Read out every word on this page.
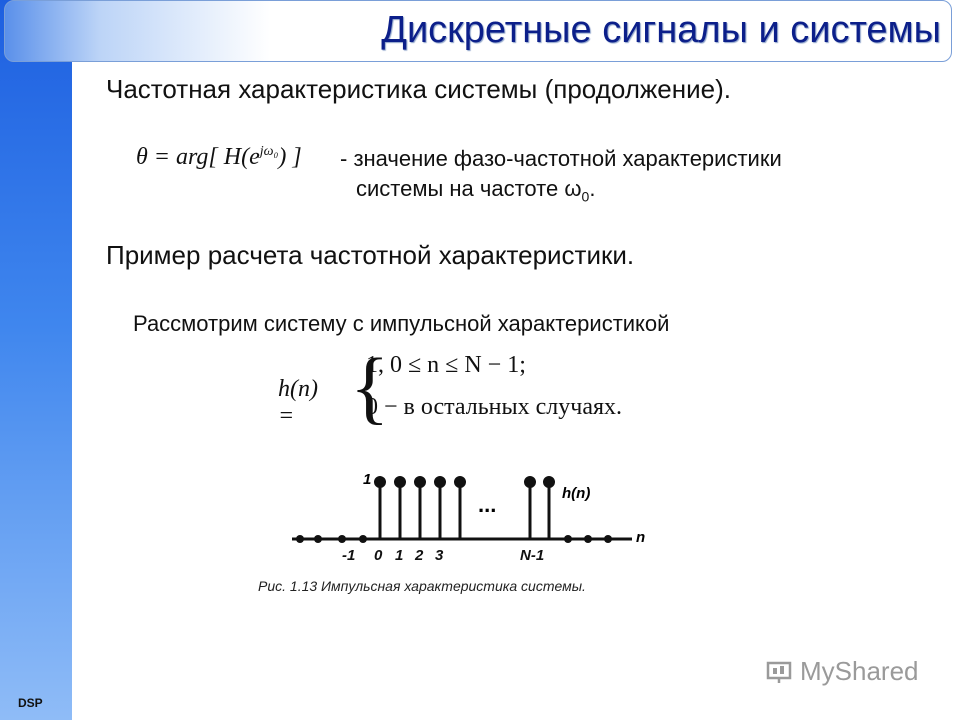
DSP
Дискретные сигналы и системы
Частотная характеристика системы (продолжение).
θ = arg[ $H(e^{j\omega_0})$ ] - значение фазо-частотной характеристики
системы на частоте $\omega_0$.
Пример расчета частотной характеристики.
Рассмотрим систему с импульсной характеристикой
h(n) = {
1, 0 ≤ n ≤ N − 1;
0 − в остальных случаях.
1
h(n)
...
n
-1 0 1 2 3	N-1
Рис. 1.13 Импульсная характеристика системы.
MyShared
